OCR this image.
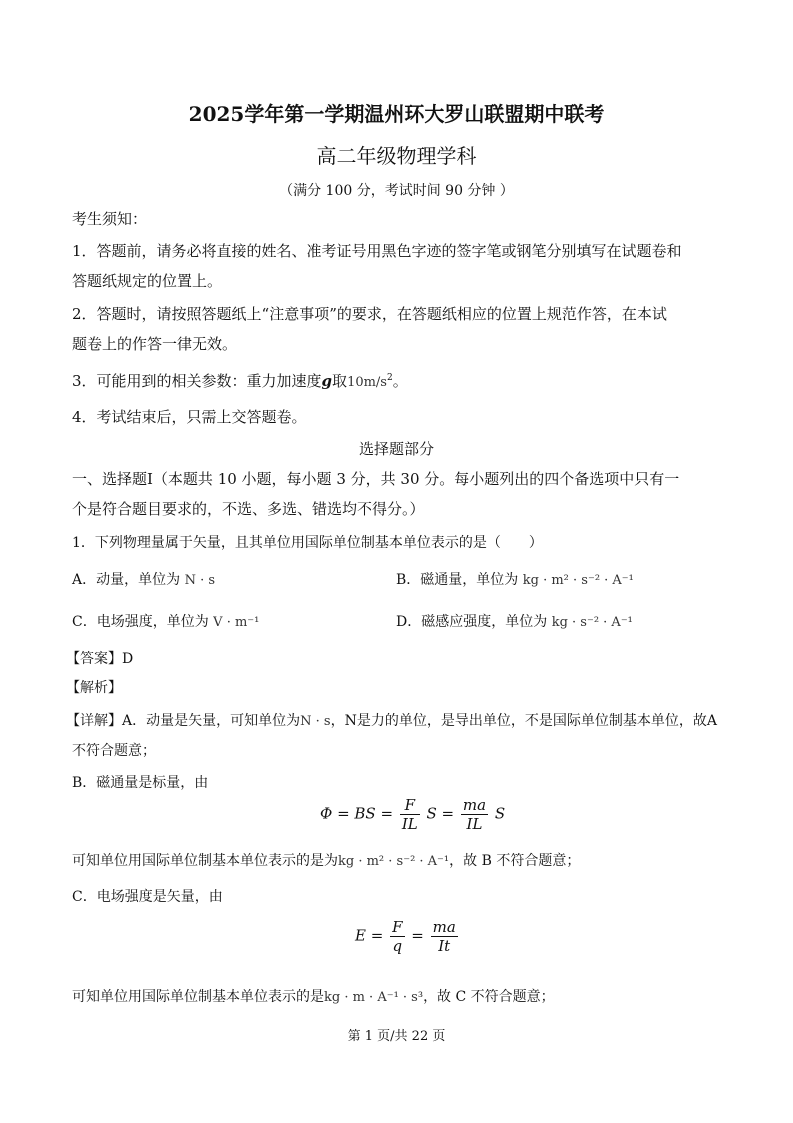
2025学年第一学期温州环大罗山联盟期中联考
高二年级物理学科
（满分 100 分，考试时间 90 分钟 ）
考生须知：
1．答题前，请务必将直接的姓名、准考证号用黑色字迹的签字笔或钢笔分别填写在试题卷和
答题纸规定的位置上。
2．答题时，请按照答题纸上“注意事项”的要求，在答题纸相应的位置上规范作答，在本试
题卷上的作答一律无效。
3．可能用到的相关参数：重力加速度g取$10m/s^2$。
4．考试结束后，只需上交答题卷。
选择题部分
一、选择题Ⅰ（本题共 10 小题，每小题 3 分，共 30 分。每小题列出的四个备选项中只有一
个是符合题目要求的，不选、多选、错选均不得分。）
1．下列物理量属于矢量，且其单位用国际单位制基本单位表示的是（　　）
A．动量，单位为 N · s	B．磁通量，单位为 kg · m² · s⁻² · A⁻¹
C．电场强度，单位为 V · m⁻¹	D．磁感应强度，单位为 kg · s⁻² · A⁻¹
【答案】D
【解析】
【详解】A．动量是矢量，可知单位为N · s，N是力的单位，是导出单位，不是国际单位制基本单位，故A
不符合题意；
B．磁通量是标量，由
Φ = BS = $\frac{F}{IL}$ $S = \frac{ma}{IL}$ S
可知单位用国际单位制基本单位表示的是为kg · m² · s⁻² · A⁻¹，故 B 不符合题意；
C．电场强度是矢量，由
$E = \frac{F}{q} = \frac{ma}{It}$
可知单位用国际单位制基本单位表示的是kg · m · A⁻¹ · s³，故 C 不符合题意；
第 1 页/共 22 页
